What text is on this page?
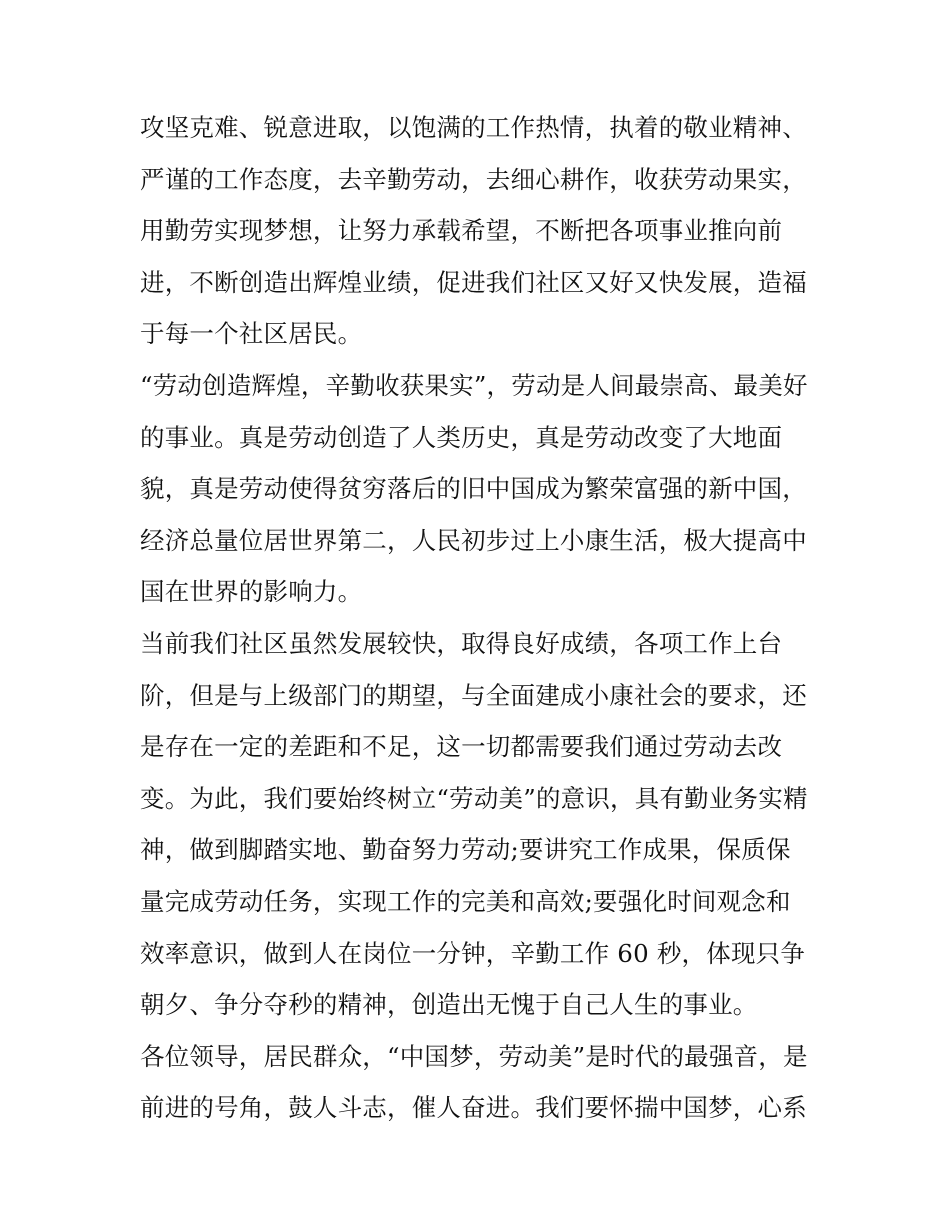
攻坚克难、锐意进取，以饱满的工作热情，执着的敬业精神、
严谨的工作态度，去辛勤劳动，去细心耕作，收获劳动果实，
用勤劳实现梦想，让努力承载希望，不断把各项事业推向前
进，不断创造出辉煌业绩，促进我们社区又好又快发展，造福
于每一个社区居民。
“劳动创造辉煌，辛勤收获果实”，劳动是人间最崇高、最美好
的事业。真是劳动创造了人类历史，真是劳动改变了大地面
貌，真是劳动使得贫穷落后的旧中国成为繁荣富强的新中国，
经济总量位居世界第二，人民初步过上小康生活，极大提高中
国在世界的影响力。
当前我们社区虽然发展较快，取得良好成绩，各项工作上台
阶，但是与上级部门的期望，与全面建成小康社会的要求，还
是存在一定的差距和不足，这一切都需要我们通过劳动去改
变。为此，我们要始终树立“劳动美”的意识，具有勤业务实精
神，做到脚踏实地、勤奋努力劳动;要讲究工作成果，保质保
量完成劳动任务，实现工作的完美和高效;要强化时间观念和
效率意识，做到人在岗位一分钟，辛勤工作 60 秒，体现只争
朝夕、争分夺秒的精神，创造出无愧于自己人生的事业。
各位领导，居民群众，“中国梦，劳动美”是时代的最强音，是
前进的号角，鼓人斗志，催人奋进。我们要怀揣中国梦，心系
